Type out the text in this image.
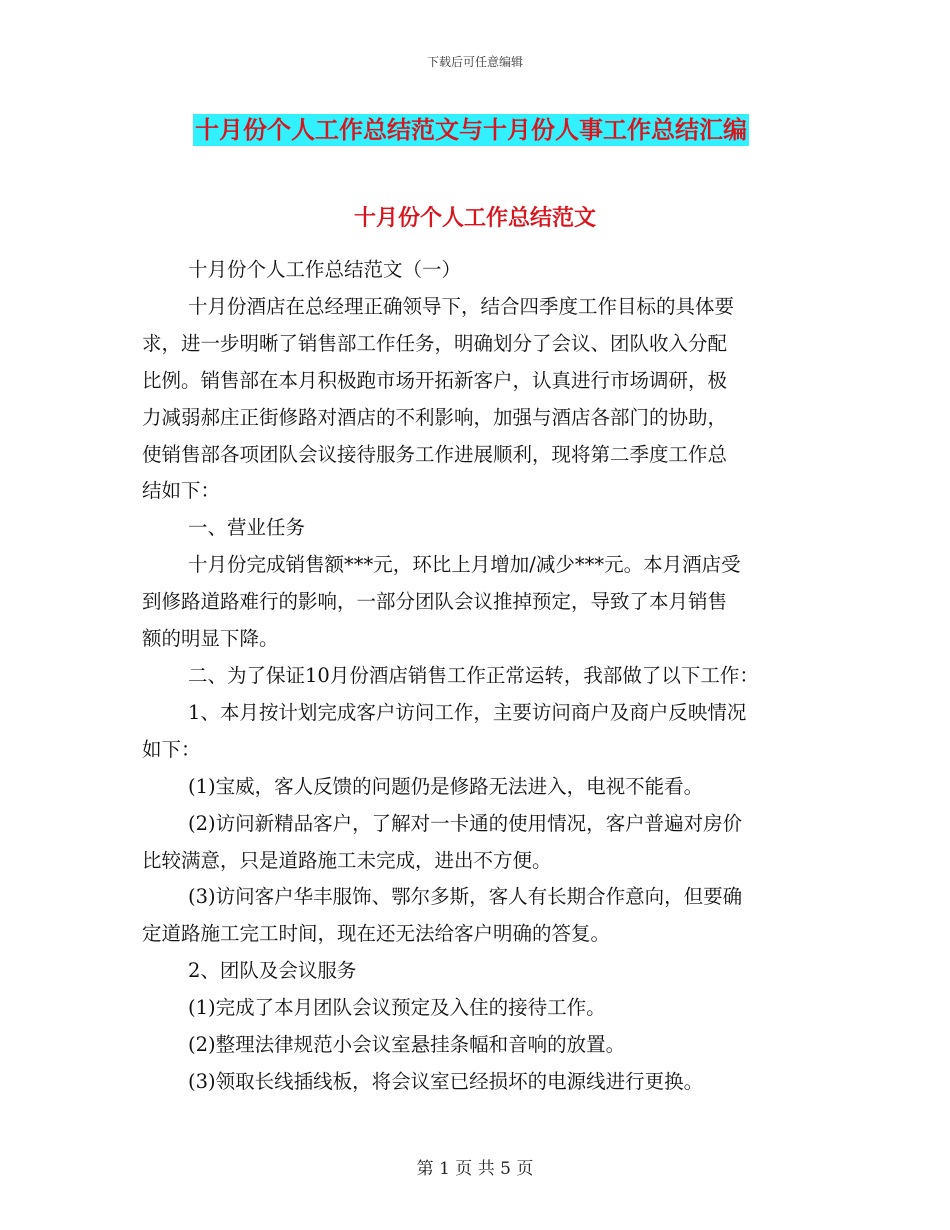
下载后可任意编辑
十月份个人工作总结范文与十月份人事工作总结汇编
十月份个人工作总结范文
十月份个人工作总结范文（一）
十月份酒店在总经理正确领导下，结合四季度工作目标的具体要
求，进一步明晰了销售部工作任务，明确划分了会议、团队收入分配
比例。销售部在本月积极跑市场开拓新客户，认真进行市场调研，极
力减弱郝庄正街修路对酒店的不利影响，加强与酒店各部门的协助，
使销售部各项团队会议接待服务工作进展顺利，现将第二季度工作总
结如下：
一、营业任务
十月份完成销售额***元，环比上月增加/减少***元。本月酒店受
到修路道路难行的影响，一部分团队会议推掉预定，导致了本月销售
额的明显下降。
二、为了保证10月份酒店销售工作正常运转，我部做了以下工作：
1、本月按计划完成客户访问工作，主要访问商户及商户反映情况
如下：
(1)宝威，客人反馈的问题仍是修路无法进入，电视不能看。
(2)访问新精品客户，了解对一卡通的使用情况，客户普遍对房价
比较满意，只是道路施工未完成，进出不方便。
(3)访问客户华丰服饰、鄂尔多斯，客人有长期合作意向，但要确
定道路施工完工时间，现在还无法给客户明确的答复。
2、团队及会议服务
(1)完成了本月团队会议预定及入住的接待工作。
(2)整理法律规范小会议室悬挂条幅和音响的放置。
(3)领取长线插线板，将会议室已经损坏的电源线进行更换。
第 1 页 共 5 页
